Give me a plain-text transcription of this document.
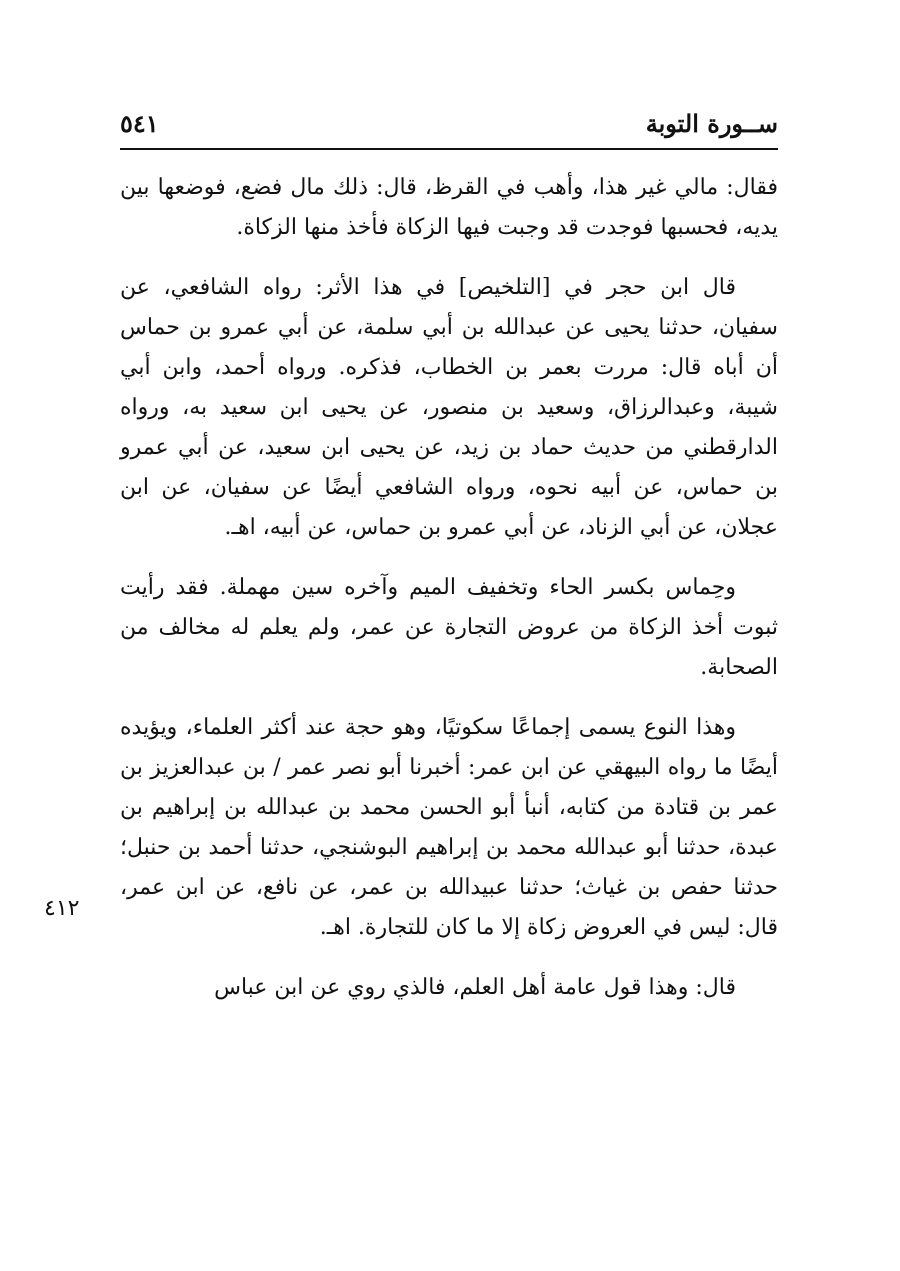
ســورة التوبة
٥٤١
٤١٢

فقال: مالي غير هذا، وأهب في القرظ، قال: ذلك مال فضع، فوضعها بين يديه، فحسبها فوجدت قد وجبت فيها الزكاة فأخذ منها الزكاة.

قال ابن حجر في [التلخيص] في هذا الأثر: رواه الشافعي، عن سفيان، حدثنا يحيى عن عبدالله بن أبي سلمة، عن أبي عمرو بن حماس أن أباه قال: مررت بعمر بن الخطاب، فذكره. ورواه أحمد، وابن أبي شيبة، وعبدالرزاق، وسعيد بن منصور، عن يحيى ابن سعيد به، ورواه الدارقطني من حديث حماد بن زيد، عن يحيى ابن سعيد، عن أبي عمرو بن حماس، عن أبيه نحوه، ورواه الشافعي أيضًا عن سفيان، عن ابن عجلان، عن أبي الزناد، عن أبي عمرو بن حماس، عن أبيه، اهـ.

وحِماس بكسر الحاء وتخفيف الميم وآخره سين مهملة. فقد رأيت ثبوت أخذ الزكاة من عروض التجارة عن عمر، ولم يعلم له مخالف من الصحابة.

وهذا النوع يسمى إجماعًا سكوتيًا، وهو حجة عند أكثر العلماء، ويؤيده أيضًا ما رواه البيهقي عن ابن عمر: أخبرنا أبو نصر عمر / بن عبدالعزيز بن عمر بن قتادة من كتابه، أنبأ أبو الحسن محمد بن عبدالله بن إبراهيم بن عبدة، حدثنا أبو عبدالله محمد بن إبراهيم البوشنجي، حدثنا أحمد بن حنبل؛ حدثنا حفص بن غياث؛ حدثنا عبيدالله بن عمر، عن نافع، عن ابن عمر، قال: ليس في العروض زكاة إلا ما كان للتجارة. اهـ.

قال: وهذا قول عامة أهل العلم، فالذي روي عن ابن عباس
